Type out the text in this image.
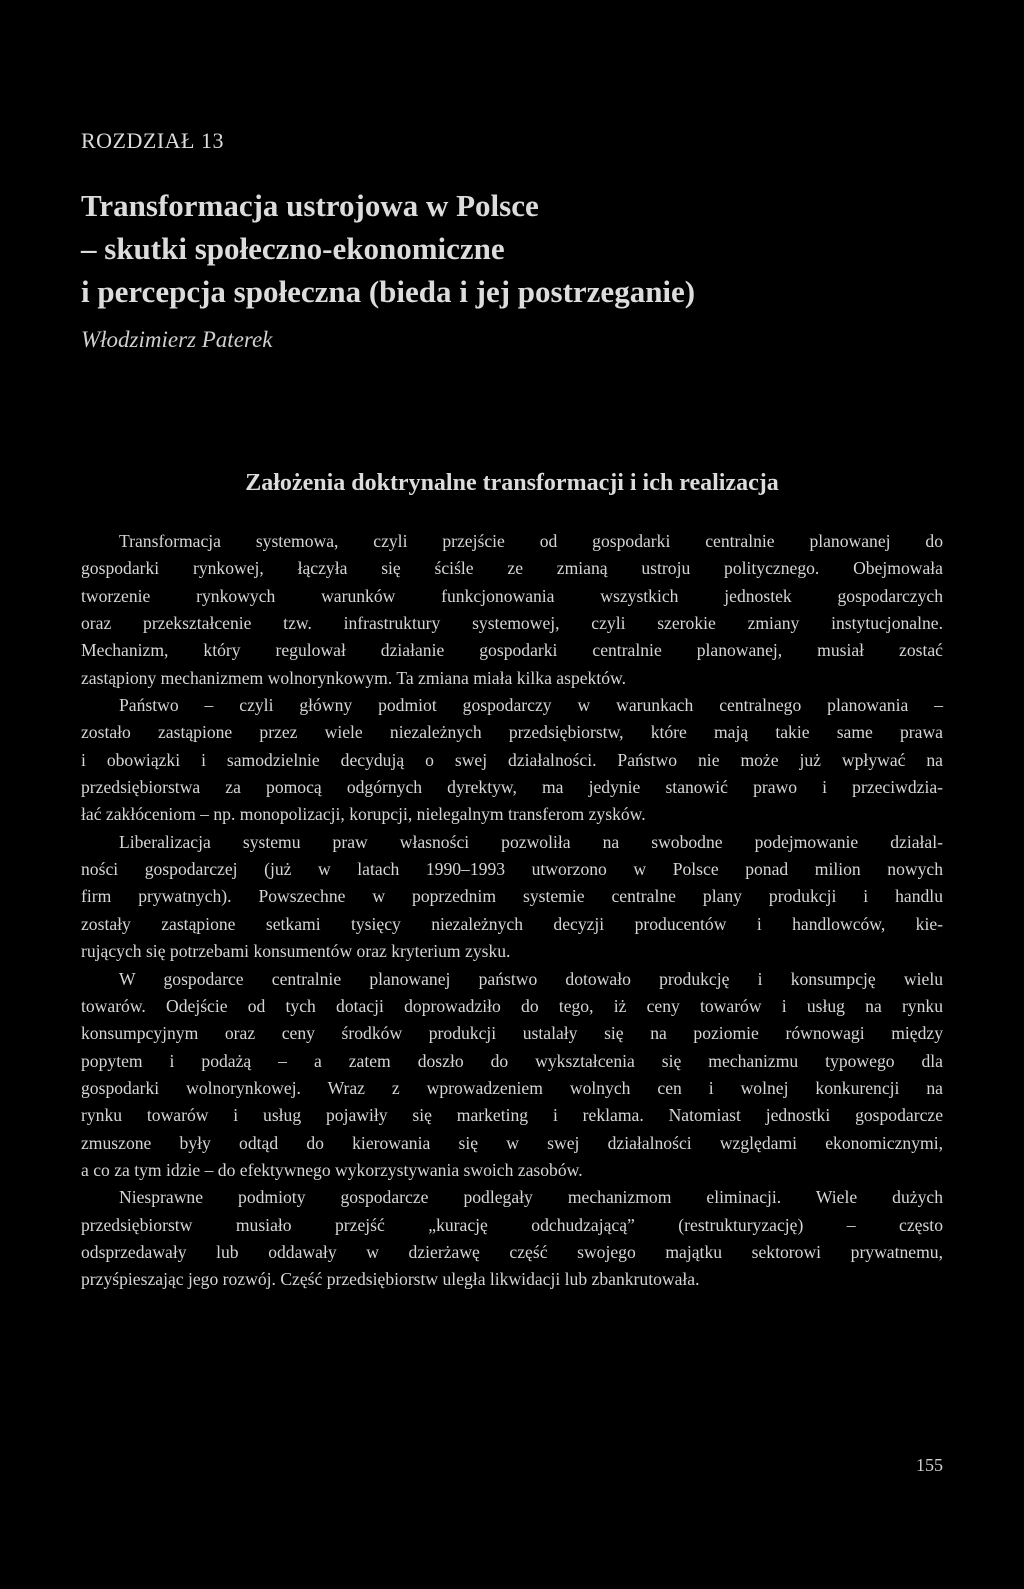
ROZDZIAŁ 13
Transformacja ustrojowa w Polsce
– skutki społeczno-ekonomiczne
i percepcja społeczna (bieda i jej postrzeganie)
Włodzimierz Paterek
Założenia doktrynalne transformacji i ich realizacja

Transformacja systemowa, czyli przejście od gospodarki centralnie planowanej do
gospodarki rynkowej, łączyła się ściśle ze zmianą ustroju politycznego. Obejmowała
tworzenie rynkowych warunków funkcjonowania wszystkich jednostek gospodarczych
oraz przekształcenie tzw. infrastruktury systemowej, czyli szerokie zmiany instytucjonalne.
Mechanizm, który regulował działanie gospodarki centralnie planowanej, musiał zostać
zastąpiony mechanizmem wolnorynkowym. Ta zmiana miała kilka aspektów.

Państwo – czyli główny podmiot gospodarczy w warunkach centralnego planowania –
zostało zastąpione przez wiele niezależnych przedsiębiorstw, które mają takie same prawa
i obowiązki i samodzielnie decydują o swej działalności. Państwo nie może już wpływać na
przedsiębiorstwa za pomocą odgórnych dyrektyw, ma jedynie stanowić prawo i przeciwdzia-
łać zakłóceniom – np. monopolizacji, korupcji, nielegalnym transferom zysków.

Liberalizacja systemu praw własności pozwoliła na swobodne podejmowanie działal-
ności gospodarczej (już w latach 1990–1993 utworzono w Polsce ponad milion nowych
firm prywatnych). Powszechne w poprzednim systemie centralne plany produkcji i handlu
zostały zastąpione setkami tysięcy niezależnych decyzji producentów i handlowców, kie-
rujących się potrzebami konsumentów oraz kryterium zysku.

W gospodarce centralnie planowanej państwo dotowało produkcję i konsumpcję wielu
towarów. Odejście od tych dotacji doprowadziło do tego, iż ceny towarów i usług na rynku
konsumpcyjnym oraz ceny środków produkcji ustalały się na poziomie równowagi między
popytem i podażą – a zatem doszło do wykształcenia się mechanizmu typowego dla
gospodarki wolnorynkowej. Wraz z wprowadzeniem wolnych cen i wolnej konkurencji na
rynku towarów i usług pojawiły się marketing i reklama. Natomiast jednostki gospodarcze
zmuszone były odtąd do kierowania się w swej działalności względami ekonomicznymi,
a co za tym idzie – do efektywnego wykorzystywania swoich zasobów.

Niesprawne podmioty gospodarcze podlegały mechanizmom eliminacji. Wiele dużych
przedsiębiorstw musiało przejść „kurację odchudzającą” (restrukturyzację) – często
odsprzedawały lub oddawały w dzierżawę część swojego majątku sektorowi prywatnemu,
przyśpieszając jego rozwój. Część przedsiębiorstw uległa likwidacji lub zbankrutowała.

155
